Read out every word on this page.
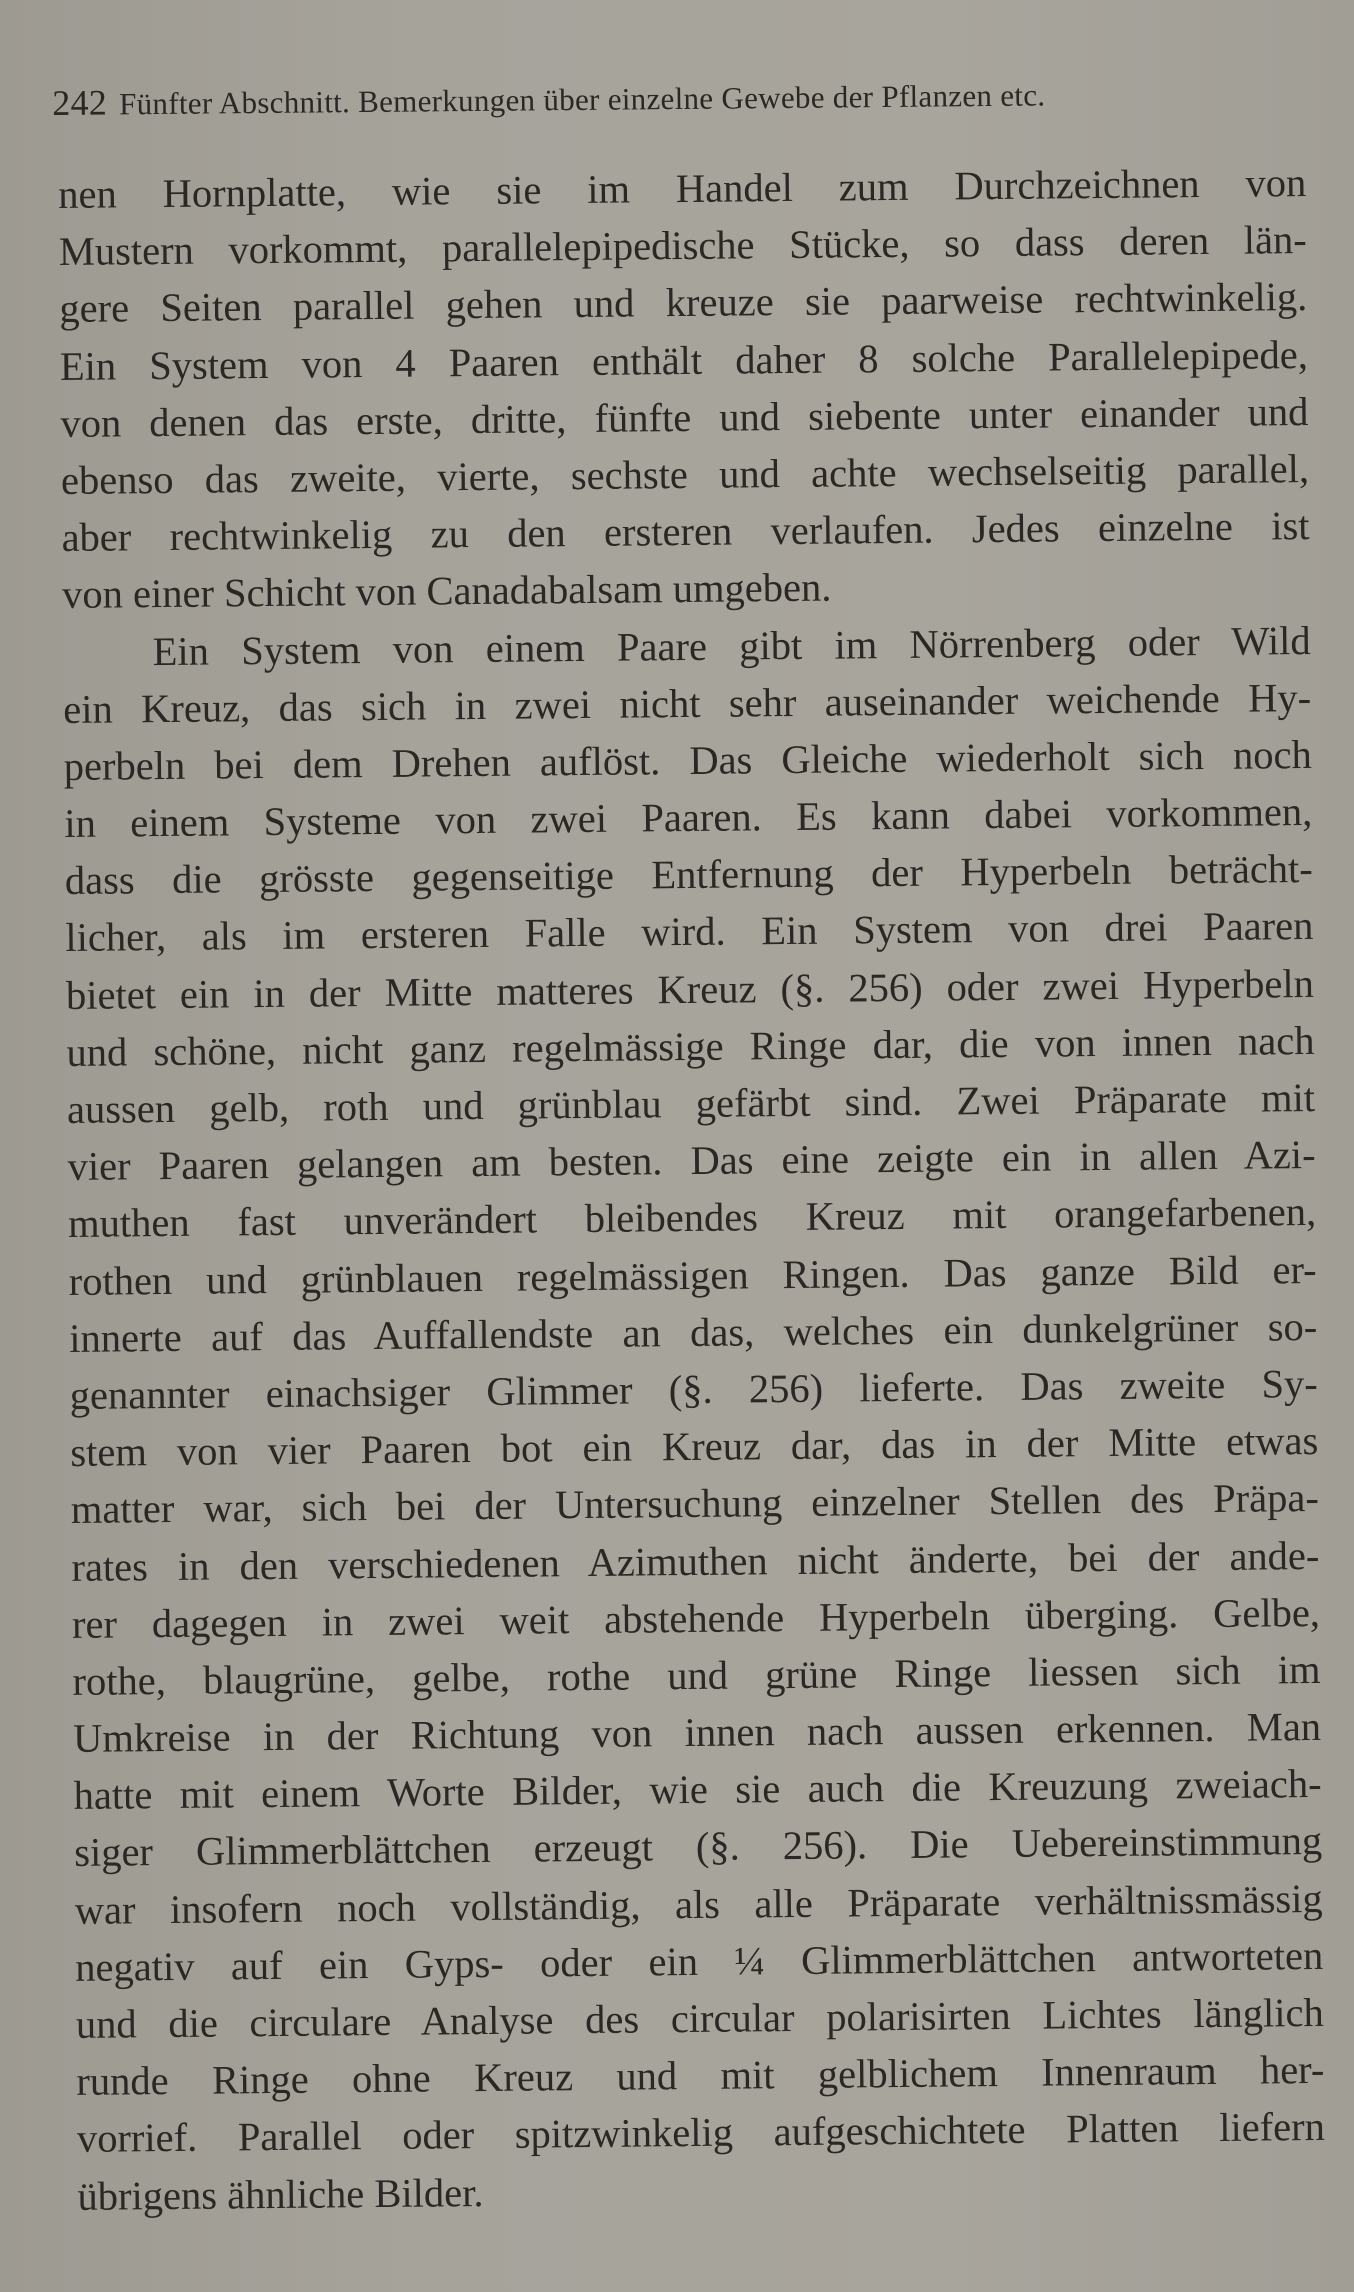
242 Fünfter Abschnitt. Bemerkungen über einzelne Gewebe der Pflanzen etc.
nen Hornplatte, wie sie im Handel zum Durchzeichnen von
Mustern vorkommt, parallelepipedische Stücke, so dass deren län-
gere Seiten parallel gehen und kreuze sie paarweise rechtwinkelig.
Ein System von 4 Paaren enthält daher 8 solche Parallelepipede,
von denen das erste, dritte, fünfte und siebente unter einander und
ebenso das zweite, vierte, sechste und achte wechselseitig parallel,
aber rechtwinkelig zu den ersteren verlaufen. Jedes einzelne ist
von einer Schicht von Canadabalsam umgeben.
Ein System von einem Paare gibt im Nörrenberg oder Wild
ein Kreuz, das sich in zwei nicht sehr auseinander weichende Hy-
perbeln bei dem Drehen auflöst. Das Gleiche wiederholt sich noch
in einem Systeme von zwei Paaren. Es kann dabei vorkommen,
dass die grösste gegenseitige Entfernung der Hyperbeln beträcht-
licher, als im ersteren Falle wird. Ein System von drei Paaren
bietet ein in der Mitte matteres Kreuz (§. 256) oder zwei Hyperbeln
und schöne, nicht ganz regelmässige Ringe dar, die von innen nach
aussen gelb, roth und grünblau gefärbt sind. Zwei Präparate mit
vier Paaren gelangen am besten. Das eine zeigte ein in allen Azi-
muthen fast unverändert bleibendes Kreuz mit orangefarbenen,
rothen und grünblauen regelmässigen Ringen. Das ganze Bild er-
innerte auf das Auffallendste an das, welches ein dunkelgrüner so-
genannter einachsiger Glimmer (§. 256) lieferte. Das zweite Sy-
stem von vier Paaren bot ein Kreuz dar, das in der Mitte etwas
matter war, sich bei der Untersuchung einzelner Stellen des Präpa-
rates in den verschiedenen Azimuthen nicht änderte, bei der ande-
rer dagegen in zwei weit abstehende Hyperbeln überging. Gelbe,
rothe, blaugrüne, gelbe, rothe und grüne Ringe liessen sich im
Umkreise in der Richtung von innen nach aussen erkennen. Man
hatte mit einem Worte Bilder, wie sie auch die Kreuzung zweiach-
siger Glimmerblättchen erzeugt (§. 256). Die Uebereinstimmung
war insofern noch vollständig, als alle Präparate verhältnissmässig
negativ auf ein Gyps- oder ein ¼ Glimmerblättchen antworteten
und die circulare Analyse des circular polarisirten Lichtes länglich
runde Ringe ohne Kreuz und mit gelblichem Innenraum her-
vorrief. Parallel oder spitzwinkelig aufgeschichtete Platten liefern
übrigens ähnliche Bilder.
